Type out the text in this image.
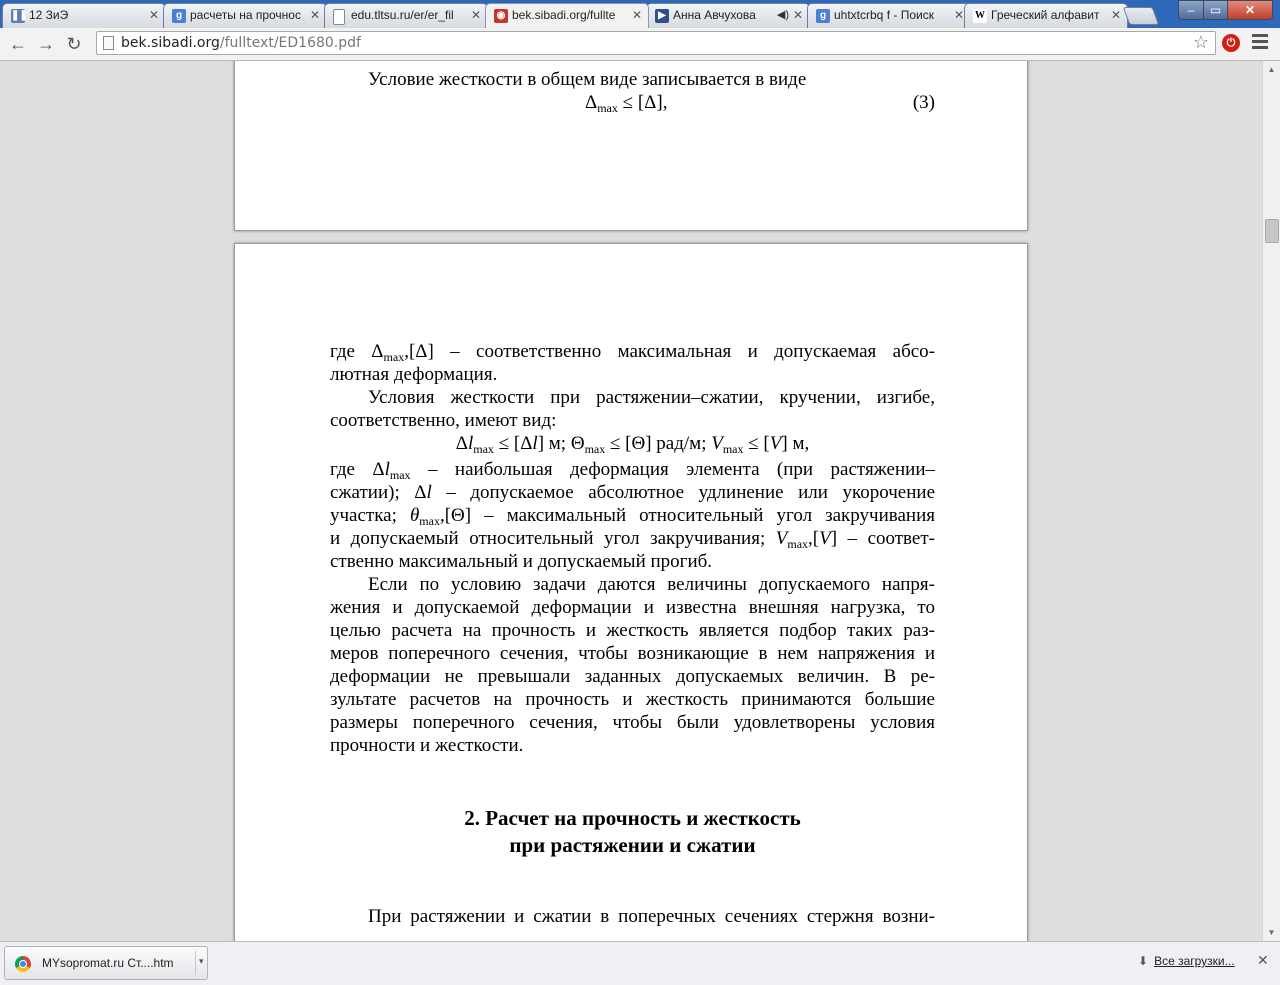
❚❚ 12 ЗиЭ	✕	g расчеты на прочнос ✕	edu.tltsu.ru/er/er_fil	✕ ◉ bek.sibadi.org/fullte	✕	▶ Анна Авчухова	◀) ✕	g uhtxtcrbq f - Поиск	✕ W Греческий алфавит ✕	–	▭	✕
← → ↻	bek.sibadi.org/fulltext/ED1680.pdf	☆	⏻
Условие жесткости в общем виде записывается в виде
$\Delta_{max} \le [\Delta]$,	(3)
где $\Delta_{max},[\Delta]$ – соответственно максимальная и допускаемая абсо-
лютная деформация.
Условия жесткости при растяжении–сжатии, кручении, изгибе,
соответственно, имеют вид:
$\Delta l_{max} \le [\Delta l]$ м; $\Theta_{max} \le [\Theta]$ рад/м; $V_{max} \le [V]$ м,
где $\Delta l_{max}$ – наибольшая деформация элемента (при растяжении–
сжатии); Δl – допускаемое абсолютное удлинение или укорочение
участка; $\theta_{max},[\Theta]$ – максимальный относительный угол закручивания
и допускаемый относительный угол закручивания; $V_{max},[V]$ – соответ-
ственно максимальный и допускаемый прогиб.
Если по условию задачи даются величины допускаемого напря-
жения и допускаемой деформации и известна внешняя нагрузка, то
целью расчета на прочность и жесткость является подбор таких раз-
меров поперечного сечения, чтобы возникающие в нем напряжения и
деформации не превышали заданных допускаемых величин. В ре-
зультате расчетов на прочность и жесткость принимаются большие
размеры поперечного сечения, чтобы были удовлетворены условия
прочности и жесткости.
2. Расчет на прочность и жесткость
при растяжении и сжатии
При растяжении и сжатии в поперечных сечениях стержня возни-
▲
▼
MYsopromat.ru Ст....htm	▾	⬇ Все загрузки... ✕
